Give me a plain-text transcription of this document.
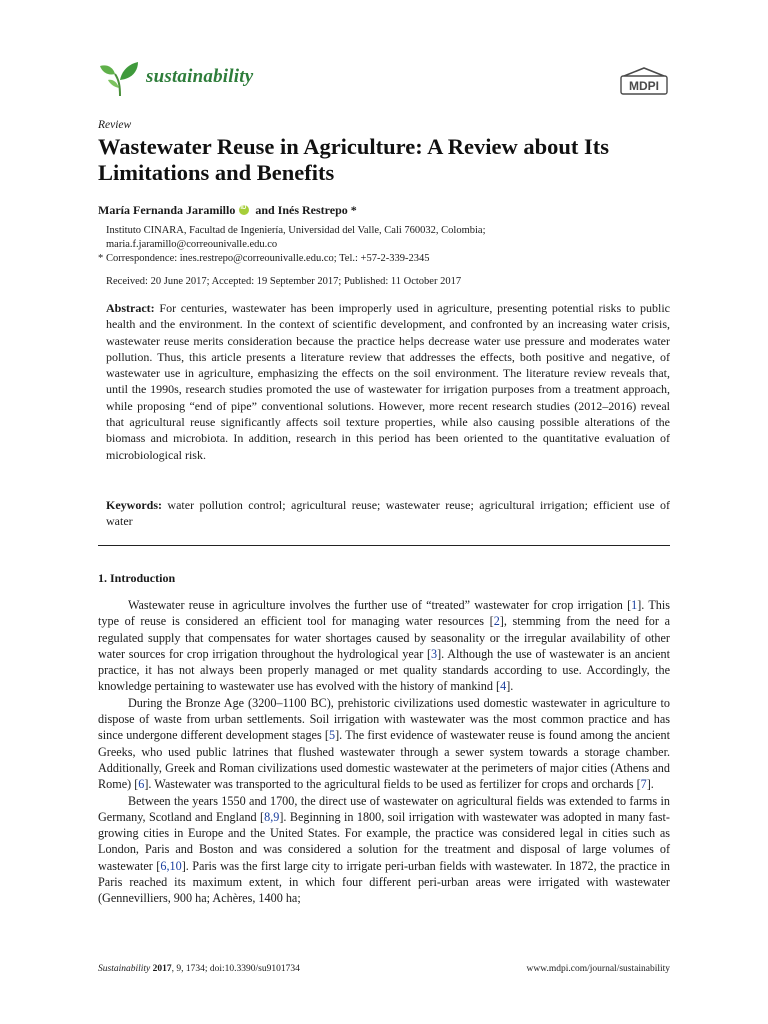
sustainability	MDPI
Review
Wastewater Reuse in Agriculture: A Review about Its Limitations and Benefits
María Fernanda Jaramillo
iD and Inés Restrepo *
Instituto CINARA, Facultad de Ingeniería, Universidad del Valle, Cali 760032, Colombia;
maria.f.jaramillo@correounivalle.edu.co
* Correspondence: ines.restrepo@correounivalle.edu.co; Tel.: +57-2-339-2345
Received: 20 June 2017; Accepted: 19 September 2017; Published: 11 October 2017
Abstract: For centuries, wastewater has been improperly used in agriculture, presenting potential risks to public health and the environment. In the context of scientific development, and confronted by an increasing water crisis, wastewater reuse merits consideration because the practice helps decrease water use pressure and moderates water pollution. Thus, this article presents a literature review that addresses the effects, both positive and negative, of wastewater use in agriculture, emphasizing the effects on the soil environment. The literature review reveals that, until the 1990s, research studies promoted the use of wastewater for irrigation purposes from a treatment approach, while proposing “end of pipe” conventional solutions. However, more recent research studies (2012–2016) reveal that agricultural reuse significantly affects soil texture properties, while also causing possible alterations of the biomass and microbiota. In addition, research in this period has been oriented to the quantitative evaluation of microbiological risk.
Keywords: water pollution control; agricultural reuse; wastewater reuse; agricultural irrigation; efficient use of water
1. Introduction

Wastewater reuse in agriculture involves the further use of “treated” wastewater for crop irrigation [1]. This type of reuse is considered an efficient tool for managing water resources [2], stemming from the need for a regulated supply that compensates for water shortages caused by seasonality or the irregular availability of other water sources for crop irrigation throughout the hydrological year [3]. Although the use of wastewater is an ancient practice, it has not always been properly managed or met quality standards according to use. Accordingly, the knowledge pertaining to wastewater use has evolved with the history of mankind [4].

During the Bronze Age (3200–1100 BC), prehistoric civilizations used domestic wastewater in agriculture to dispose of waste from urban settlements. Soil irrigation with wastewater was the most common practice and has since undergone different development stages [5]. The first evidence of wastewater reuse is found among the ancient Greeks, who used public latrines that flushed wastewater through a sewer system towards a storage chamber. Additionally, Greek and Roman civilizations used domestic wastewater at the perimeters of major cities (Athens and Rome) [6]. Wastewater was transported to the agricultural fields to be used as fertilizer for crops and orchards [7].

Between the years 1550 and 1700, the direct use of wastewater on agricultural fields was extended to farms in Germany, Scotland and England [8,9]. Beginning in 1800, soil irrigation with wastewater was adopted in many fast-growing cities in Europe and the United States. For example, the practice was considered legal in cities such as London, Paris and Boston and was considered a solution for the treatment and disposal of large volumes of wastewater [6,10]. Paris was the first large city to irrigate peri-urban fields with wastewater. In 1872, the practice in Paris reached its maximum extent, in which four different peri-urban areas were irrigated with wastewater (Gennevilliers, 900 ha; Achères, 1400 ha;

Sustainability 2017, 9, 1734; doi:10.3390/su9101734	www.mdpi.com/journal/sustainability
